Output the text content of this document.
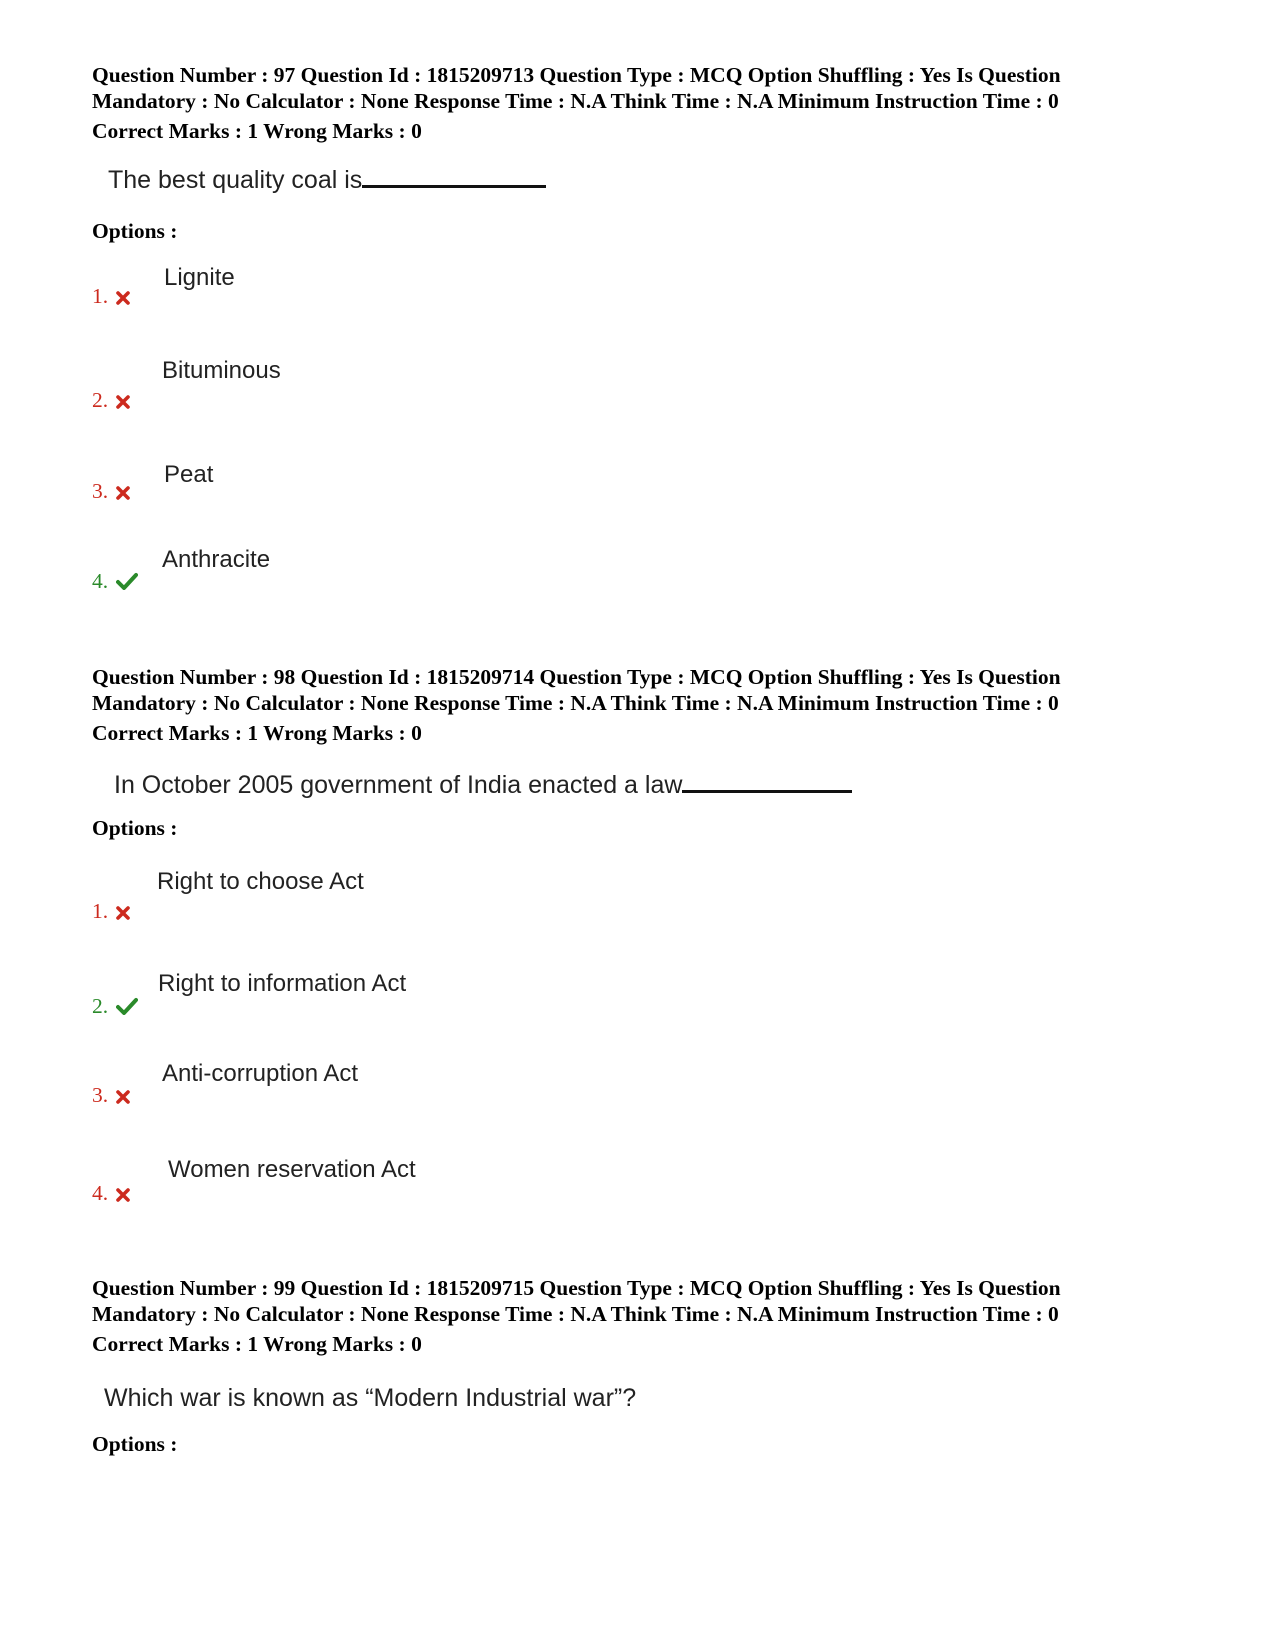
Question Number : 97 Question Id : 1815209713 Question Type : MCQ Option Shuffling : Yes Is Question
Mandatory : No Calculator : None Response Time : N.A Think Time : N.A Minimum Instruction Time : 0
Correct Marks : 1 Wrong Marks : 0
The best quality coal is
Options :
1.
Lignite
2.
Bituminous
3.
Peat
4.
Anthracite
Question Number : 98 Question Id : 1815209714 Question Type : MCQ Option Shuffling : Yes Is Question
Mandatory : No Calculator : None Response Time : N.A Think Time : N.A Minimum Instruction Time : 0
Correct Marks : 1 Wrong Marks : 0
In October 2005 government of India enacted a law
Options :
1.
Right to choose Act
2.
Right to information Act
3.
Anti-corruption Act
4.
Women reservation Act
Question Number : 99 Question Id : 1815209715 Question Type : MCQ Option Shuffling : Yes Is Question
Mandatory : No Calculator : None Response Time : N.A Think Time : N.A Minimum Instruction Time : 0
Correct Marks : 1 Wrong Marks : 0
Which war is known as “Modern Industrial war”?
Options :
